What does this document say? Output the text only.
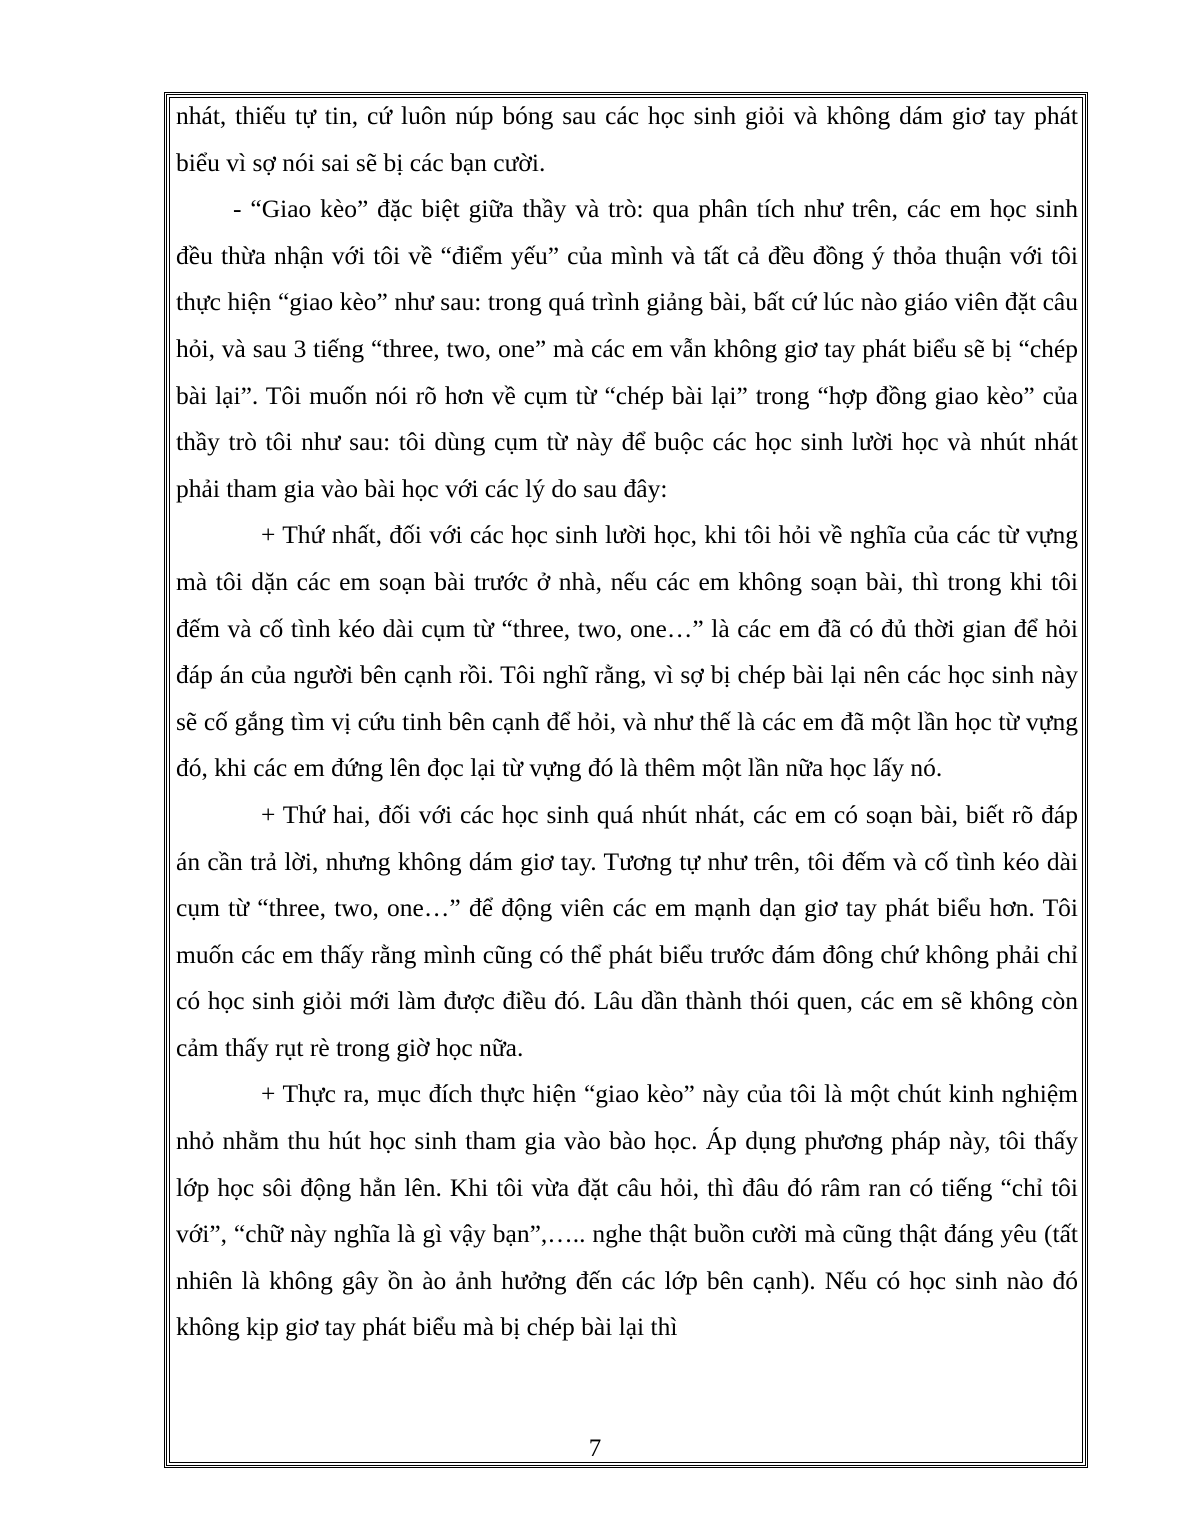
nhát, thiếu tự tin, cứ luôn núp bóng sau các học sinh giỏi và không dám giơ tay phát biểu vì sợ nói sai sẽ bị các bạn cười.

- “Giao kèo” đặc biệt giữa thầy và trò: qua phân tích như trên, các em học sinh đều thừa nhận với tôi về “điểm yếu” của mình và tất cả đều đồng ý thỏa thuận với tôi thực hiện “giao kèo” như sau: trong quá trình giảng bài, bất cứ lúc nào giáo viên đặt câu hỏi, và sau 3 tiếng “three, two, one” mà các em vẫn không giơ tay phát biểu sẽ bị “chép bài lại”. Tôi muốn nói rõ hơn về cụm từ “chép bài lại” trong “hợp đồng giao kèo” của thầy trò tôi như sau: tôi dùng cụm từ này để buộc các học sinh lười học và nhút nhát phải tham gia vào bài học với các lý do sau đây:

+ Thứ nhất, đối với các học sinh lười học, khi tôi hỏi về nghĩa của các từ vựng mà tôi dặn các em soạn bài trước ở nhà, nếu các em không soạn bài, thì trong khi tôi đếm và cố tình kéo dài cụm từ “three, two, one…” là các em đã có đủ thời gian để hỏi đáp án của người bên cạnh rồi. Tôi nghĩ rằng, vì sợ bị chép bài lại nên các học sinh này sẽ cố gắng tìm vị cứu tinh bên cạnh để hỏi, và như thế là các em đã một lần học từ vựng đó, khi các em đứng lên đọc lại từ vựng đó là thêm một lần nữa học lấy nó.

+ Thứ hai, đối với các học sinh quá nhút nhát, các em có soạn bài, biết rõ đáp án cần trả lời, nhưng không dám giơ tay. Tương tự như trên, tôi đếm và cố tình kéo dài cụm từ “three, two, one…” để động viên các em mạnh dạn giơ tay phát biểu hơn. Tôi muốn các em thấy rằng mình cũng có thể phát biểu trước đám đông chứ không phải chỉ có học sinh giỏi mới làm được điều đó. Lâu dần thành thói quen, các em sẽ không còn cảm thấy rụt rè trong giờ học nữa.

+ Thực ra, mục đích thực hiện “giao kèo” này của tôi là một chút kinh nghiệm nhỏ nhằm thu hút học sinh tham gia vào bào học. Áp dụng phương pháp này, tôi thấy lớp học sôi động hẳn lên. Khi tôi vừa đặt câu hỏi, thì đâu đó râm ran có tiếng “chỉ tôi với”, “chữ này nghĩa là gì vậy bạn”,….. nghe thật buồn cười mà cũng thật đáng yêu (tất nhiên là không gây ồn ào ảnh hưởng đến các lớp bên cạnh). Nếu có học sinh nào đó không kịp giơ tay phát biểu mà bị chép bài lại thì

7
